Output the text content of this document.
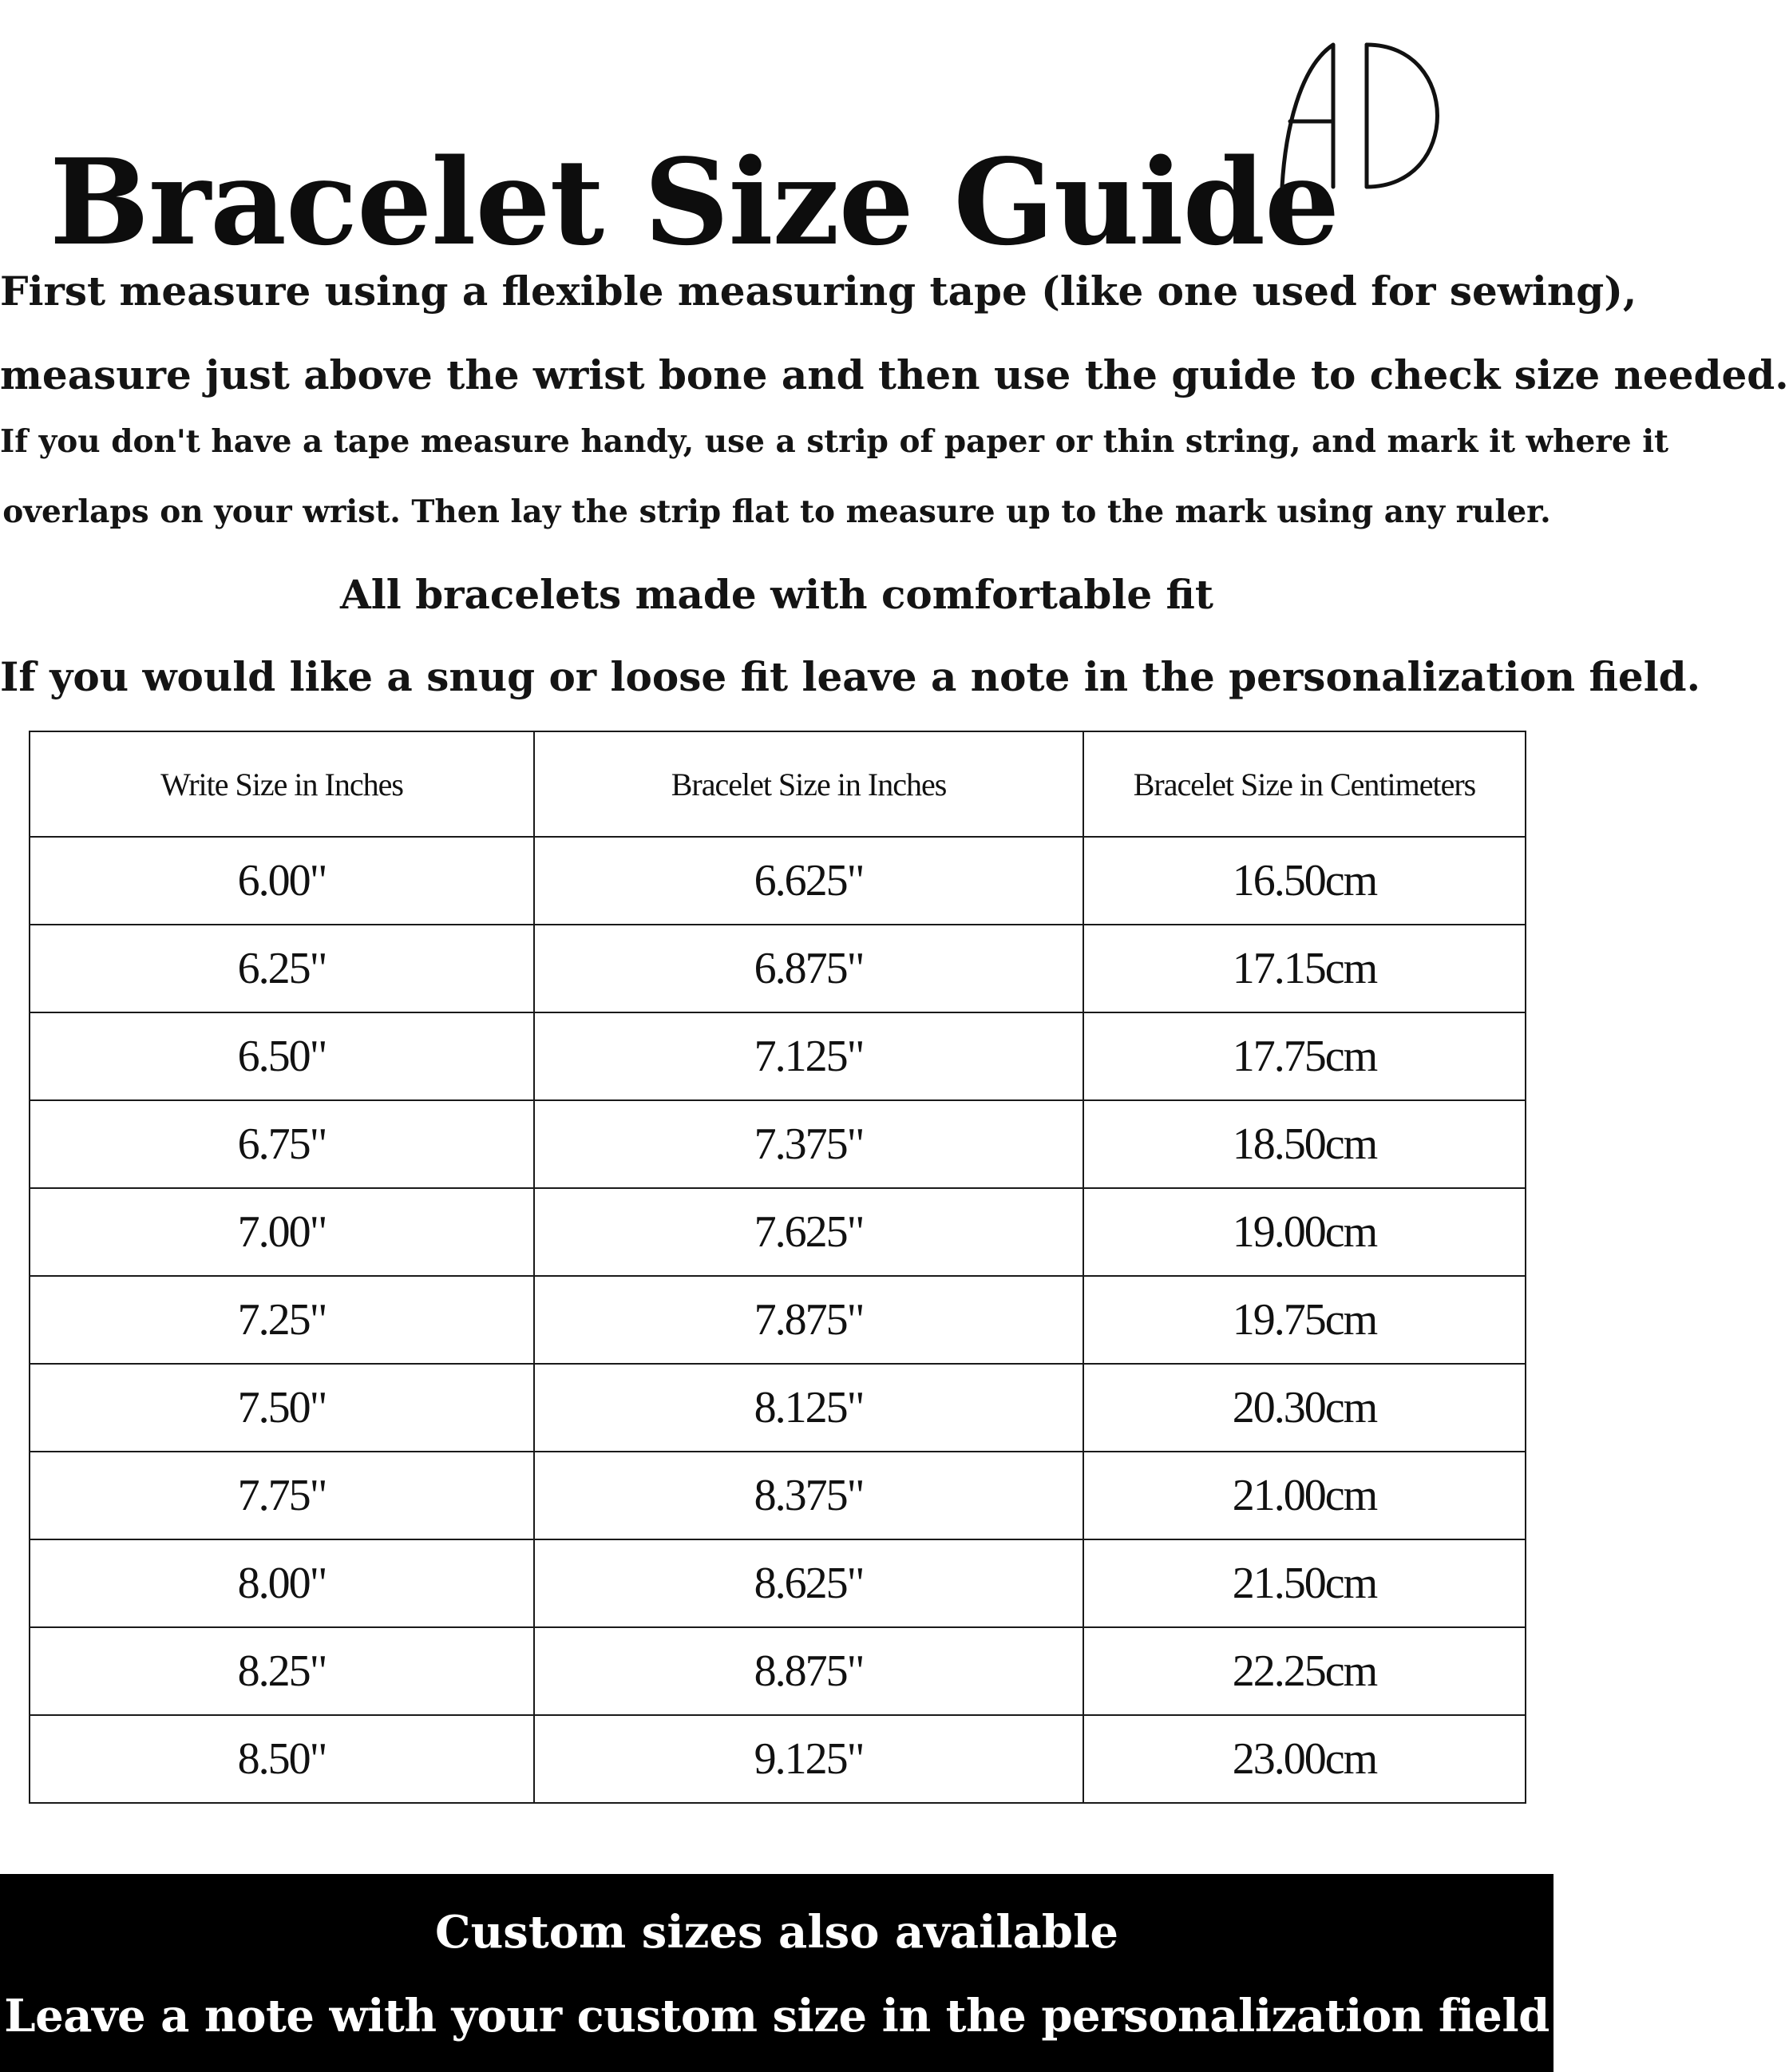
Bracelet Size Guide
First measure using a flexible measuring tape (like one used for sewing),
measure just above the wrist bone and then use the guide to check size needed.
If you don't have a tape measure handy, use a strip of paper or thin string, and mark it where it
overlaps on your wrist. Then lay the strip flat to measure up to the mark using any ruler.
All bracelets made with comfortable fit
If you would like a snug or loose fit leave a note in the personalization field.
Write Size in Inches	Bracelet Size in Inches	Bracelet Size in Centimeters
6.00"	6.625"	16.50cm
6.25"	6.875"	17.15cm
6.50"	7.125"	17.75cm
6.75"	7.375"	18.50cm
7.00"	7.625"	19.00cm
7.25"	7.875"	19.75cm
7.50"	8.125"	20.30cm
7.75"	8.375"	21.00cm
8.00"	8.625"	21.50cm
8.25"	8.875"	22.25cm
8.50"	9.125"	23.00cm
Custom sizes also available
Leave a note with your custom size in the personalization field
